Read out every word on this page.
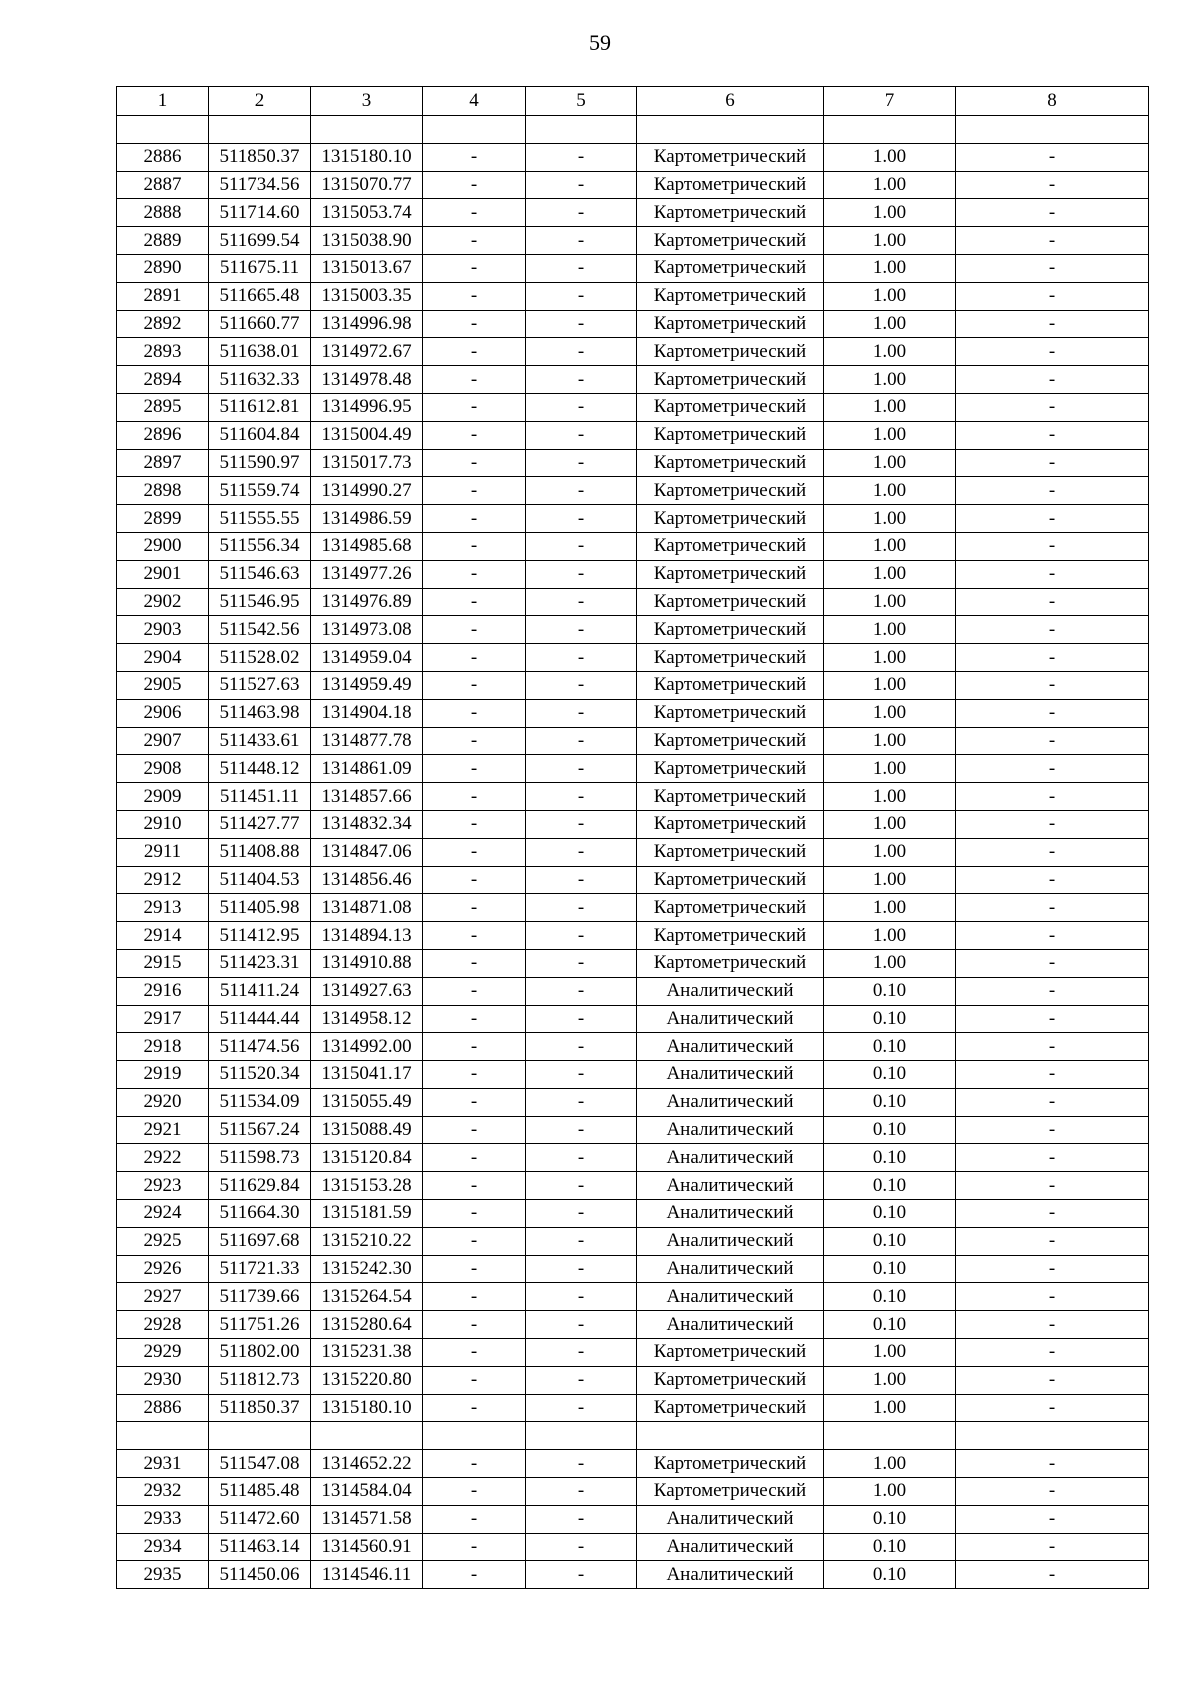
59
1	2	3	4	5	6	7	8

2886	511850.37	1315180.10	-	-	Картометрический	1.00	-
2887	511734.56	1315070.77	-	-	Картометрический	1.00	-
2888	511714.60	1315053.74	-	-	Картометрический	1.00	-
2889	511699.54	1315038.90	-	-	Картометрический	1.00	-
2890	511675.11	1315013.67	-	-	Картометрический	1.00	-
2891	511665.48	1315003.35	-	-	Картометрический	1.00	-
2892	511660.77	1314996.98	-	-	Картометрический	1.00	-
2893	511638.01	1314972.67	-	-	Картометрический	1.00	-
2894	511632.33	1314978.48	-	-	Картометрический	1.00	-
2895	511612.81	1314996.95	-	-	Картометрический	1.00	-
2896	511604.84	1315004.49	-	-	Картометрический	1.00	-
2897	511590.97	1315017.73	-	-	Картометрический	1.00	-
2898	511559.74	1314990.27	-	-	Картометрический	1.00	-
2899	511555.55	1314986.59	-	-	Картометрический	1.00	-
2900	511556.34	1314985.68	-	-	Картометрический	1.00	-
2901	511546.63	1314977.26	-	-	Картометрический	1.00	-
2902	511546.95	1314976.89	-	-	Картометрический	1.00	-
2903	511542.56	1314973.08	-	-	Картометрический	1.00	-
2904	511528.02	1314959.04	-	-	Картометрический	1.00	-
2905	511527.63	1314959.49	-	-	Картометрический	1.00	-
2906	511463.98	1314904.18	-	-	Картометрический	1.00	-
2907	511433.61	1314877.78	-	-	Картометрический	1.00	-
2908	511448.12	1314861.09	-	-	Картометрический	1.00	-
2909	511451.11	1314857.66	-	-	Картометрический	1.00	-
2910	511427.77	1314832.34	-	-	Картометрический	1.00	-
2911	511408.88	1314847.06	-	-	Картометрический	1.00	-
2912	511404.53	1314856.46	-	-	Картометрический	1.00	-
2913	511405.98	1314871.08	-	-	Картометрический	1.00	-
2914	511412.95	1314894.13	-	-	Картометрический	1.00	-
2915	511423.31	1314910.88	-	-	Картометрический	1.00	-
2916	511411.24	1314927.63	-	-	Аналитический	0.10	-
2917	511444.44	1314958.12	-	-	Аналитический	0.10	-
2918	511474.56	1314992.00	-	-	Аналитический	0.10	-
2919	511520.34	1315041.17	-	-	Аналитический	0.10	-
2920	511534.09	1315055.49	-	-	Аналитический	0.10	-
2921	511567.24	1315088.49	-	-	Аналитический	0.10	-
2922	511598.73	1315120.84	-	-	Аналитический	0.10	-
2923	511629.84	1315153.28	-	-	Аналитический	0.10	-
2924	511664.30	1315181.59	-	-	Аналитический	0.10	-
2925	511697.68	1315210.22	-	-	Аналитический	0.10	-
2926	511721.33	1315242.30	-	-	Аналитический	0.10	-
2927	511739.66	1315264.54	-	-	Аналитический	0.10	-
2928	511751.26	1315280.64	-	-	Аналитический	0.10	-
2929	511802.00	1315231.38	-	-	Картометрический	1.00	-
2930	511812.73	1315220.80	-	-	Картометрический	1.00	-
2886	511850.37	1315180.10	-	-	Картометрический	1.00	-

2931	511547.08	1314652.22	-	-	Картометрический	1.00	-
2932	511485.48	1314584.04	-	-	Картометрический	1.00	-
2933	511472.60	1314571.58	-	-	Аналитический	0.10	-
2934	511463.14	1314560.91	-	-	Аналитический	0.10	-
2935	511450.06	1314546.11	-	-	Аналитический	0.10	-
